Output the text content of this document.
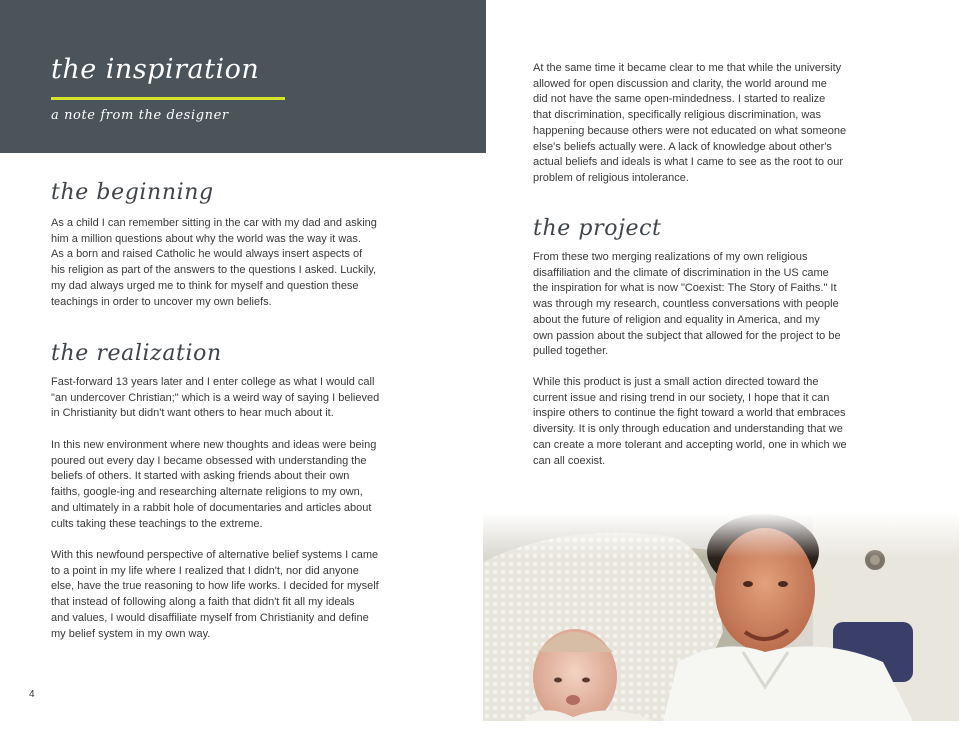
the inspiration
a note from the designer
the beginning

As a child I can remember sitting in the car with my dad and asking
him a million questions about why the world was the way it was.
As a born and raised Catholic he would always insert aspects of
his religion as part of the answers to the questions I asked. Luckily,
my dad always urged me to think for myself and question these
teachings in order to uncover my own beliefs.

the realization

Fast-forward 13 years later and I enter college as what I would call
"an undercover Christian;" which is a weird way of saying I believed
in Christianity but didn't want others to hear much about it.

In this new environment where new thoughts and ideas were being
poured out every day I became obsessed with understanding the
beliefs of others. It started with asking friends about their own
faiths, google-ing and researching alternate religions to my own,
and ultimately in a rabbit hole of documentaries and articles about
cults taking these teachings to the extreme.

With this newfound perspective of alternative belief systems I came
to a point in my life where I realized that I didn't, nor did anyone
else, have the true reasoning to how life works. I decided for myself
that instead of following along a faith that didn't fit all my ideals
and values, I would disaffiliate myself from Christianity and define
my belief system in my own way.

At the same time it became clear to me that while the university
allowed for open discussion and clarity, the world around me
did not have the same open-mindedness. I started to realize
that discrimination, specifically religious discrimination, was
happening because others were not educated on what someone
else's beliefs actually were. A lack of knowledge about other's
actual beliefs and ideals is what I came to see as the root to our
problem of religious intolerance.

the project

From these two merging realizations of my own religious
disaffiliation and the climate of discrimination in the US came
the inspiration for what is now "Coexist: The Story of Faiths." It
was through my research, countless conversations with people
about the future of religion and equality in America, and my
own passion about the subject that allowed for the project to be
pulled together.

While this product is just a small action directed toward the
current issue and rising trend in our society, I hope that it can
inspire others to continue the fight toward a world that embraces
diversity. It is only through education and understanding that we
can create a more tolerant and accepting world, one in which we
can all coexist.

4
